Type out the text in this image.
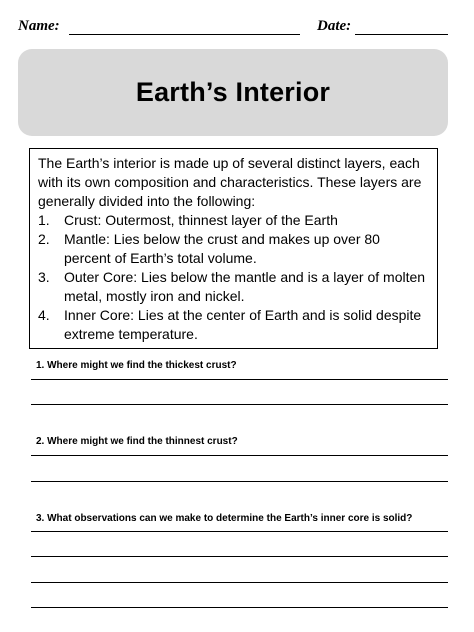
Name:	Date:
Earth’s Interior

The Earth’s interior is made up of several distinct layers, each with its own composition and characteristics. These layers are generally divided into the following:

1. Crust: Outermost, thinnest layer of the Earth
2. Mantle: Lies below the crust and makes up over 80 percent of Earth’s total volume.
3. Outer Core: Lies below the mantle and is a layer of molten metal, mostly iron and nickel.
4. Inner Core: Lies at the center of Earth and is solid despite extreme temperature.
1. Where might we find the thickest crust?
2. Where might we find the thinnest crust?
3. What observations can we make to determine the Earth’s inner core is solid?
